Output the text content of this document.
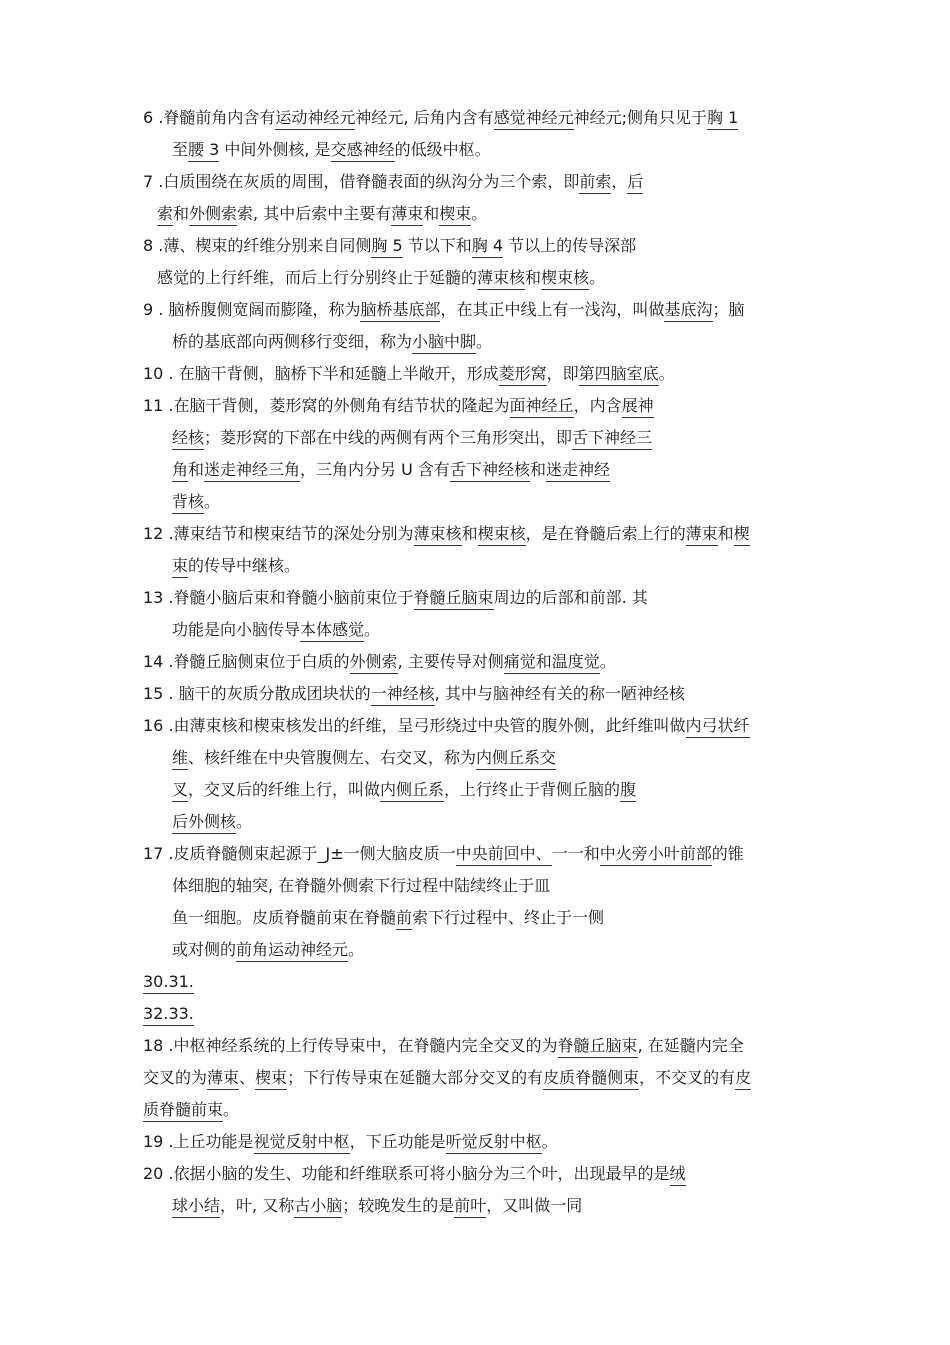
6 .脊髓前角内含有运动神经元神经元, 后角内含有感觉神经元神经元;侧角只见于胸 1
至腰 3 中间外侧核, 是交感神经的低级中枢。
7 .白质围绕在灰质的周围，借脊髓表面的纵沟分为三个索，即前索，后
索和外侧索索, 其中后索中主要有薄束和楔束。
8 .薄、楔束的纤维分别来自同侧胸 5 节以下和胸 4 节以上的传导深部
感觉的上行纤维，而后上行分别终止于延髓的薄束核和楔束核。
9 . 脑桥腹侧宽阔而膨隆，称为脑桥基底部，在其正中线上有一浅沟，叫做基底沟；脑
桥的基底部向两侧移行变细，称为小脑中脚。
10 . 在脑干背侧，脑桥下半和延髓上半敞开，形成菱形窝，即第四脑室底。
11 .在脑干背侧，菱形窝的外侧角有结节状的隆起为面神经丘，内含展神
经核；菱形窝的下部在中线的两侧有两个三角形突出，即舌下神经三
角和迷走神经三角，三角内分另 U 含有舌下神经核和迷走神经
背核。
12 .薄束结节和楔束结节的深处分别为薄束核和楔束核，是在脊髓后索上行的薄束和楔
束的传导中继核。
13 .脊髓小脑后束和脊髓小脑前束位于脊髓丘脑束周边的后部和前部. 其
功能是向小脑传导本体感觉。
14 .脊髓丘脑侧束位于白质的外侧索, 主要传导对侧痛觉和温度觉。
15 . 脑干的灰质分散成团块状的一神经核, 其中与脑神经有关的称一陋神经核
16 .由薄束核和楔束核发出的纤维，呈弓形绕过中央管的腹外侧，此纤维叫做内弓状纤
维、核纤维在中央管腹侧左、右交叉，称为内侧丘系交
叉，交叉后的纤维上行，叫做内侧丘系，上行终止于背侧丘脑的腹
后外侧核。
17 .皮质脊髓侧束起源于_J±一侧大脑皮质一中央前回中、一一和中火旁小叶前部的锥
体细胞的轴突, 在脊髓外侧索下行过程中陆续终止于皿
鱼一细胞。皮质脊髓前束在脊髓前索下行过程中、终止于一侧
或对侧的前角运动神经元。
30.31.
32.33.
18 .中枢神经系统的上行传导束中，在脊髓内完全交叉的为脊髓丘脑束, 在延髓内完全
交叉的为薄束、楔束；下行传导束在延髓大部分交叉的有皮质脊髓侧束，不交叉的有皮
质脊髓前束。
19 .上丘功能是视觉反射中枢，下丘功能是听觉反射中枢。
20 .依据小脑的发生、功能和纤维联系可将小脑分为三个叶，出现最早的是绒
球小结，叶, 又称古小脑；较晚发生的是前叶，又叫做一同
